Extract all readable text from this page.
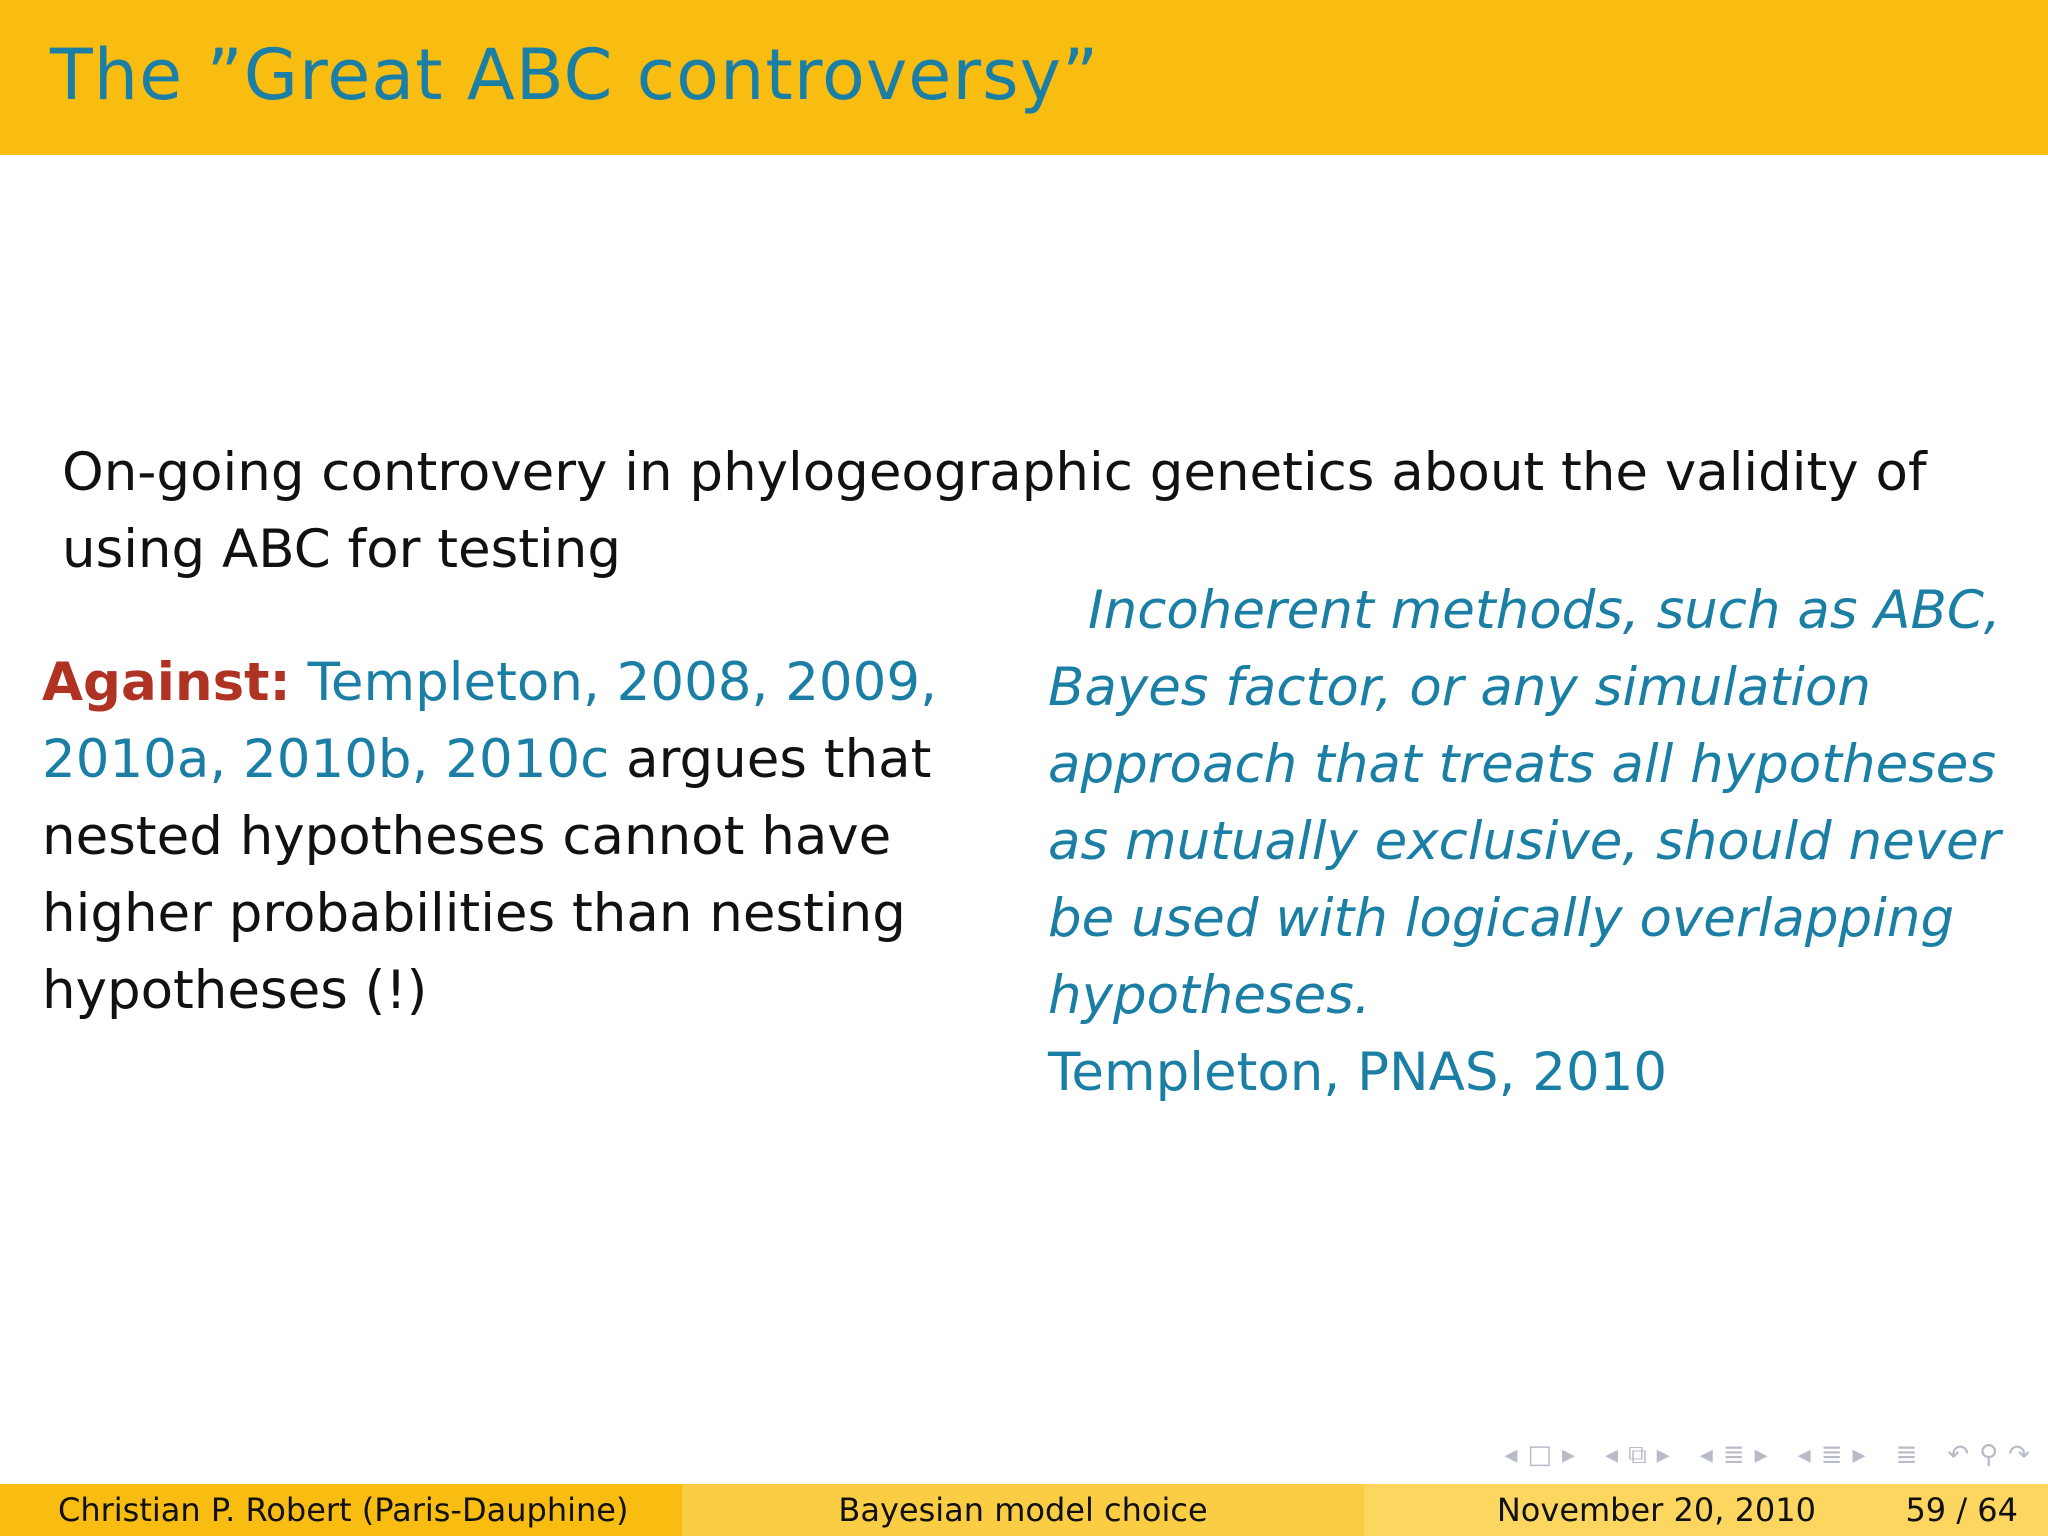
The ”Great ABC controversy”
On-going controvery in phylogeographic genetics about the validity of using ABC for testing
Against: Templeton, 2008, 2009, 2010a, 2010b, 2010c argues that nested hypotheses cannot have higher probabilities than nesting hypotheses (!)
Incoherent methods, such as ABC, Bayes factor, or any simulation approach that treats all hypotheses as mutually exclusive, should never be used with logically overlapping hypotheses.
Templeton, PNAS, 2010
◂ □ ▸ ◂ ⧉ ▸ ◂ ≣ ▸ ◂ ≣ ▸ ≣ ↶ ⚲ ↷
Christian P. Robert (Paris-Dauphine)	Bayesian model choice	November 20, 2010	59 / 64
